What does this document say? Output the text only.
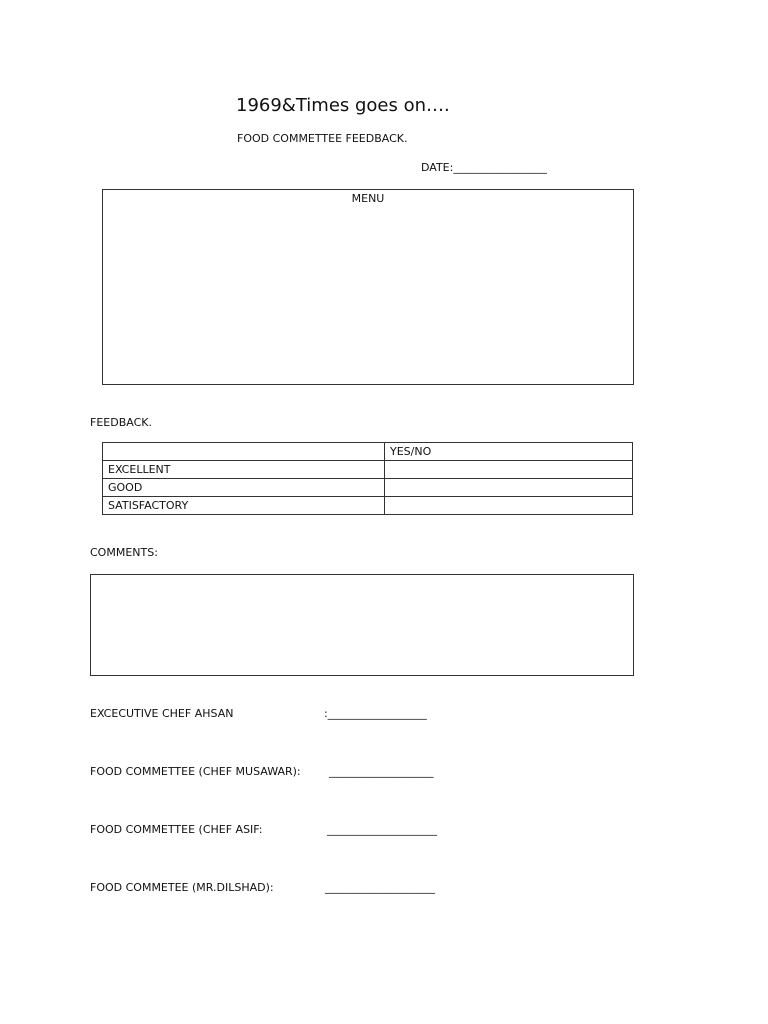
1969&Times goes on….
FOOD COMMETTEE FEEDBACK.
DATE:_________________
MENU
FEEDBACK.
	YES/NO
EXCELLENT	
GOOD	
SATISFACTORY	
COMMENTS:
EXCECUTIVE CHEF AHSAN	:__________________
FOOD COMMETTEE (CHEF MUSAWAR):	___________________
FOOD COMMETTEE (CHEF ASIF:	____________________
FOOD COMMETEE (MR.DILSHAD):	____________________
